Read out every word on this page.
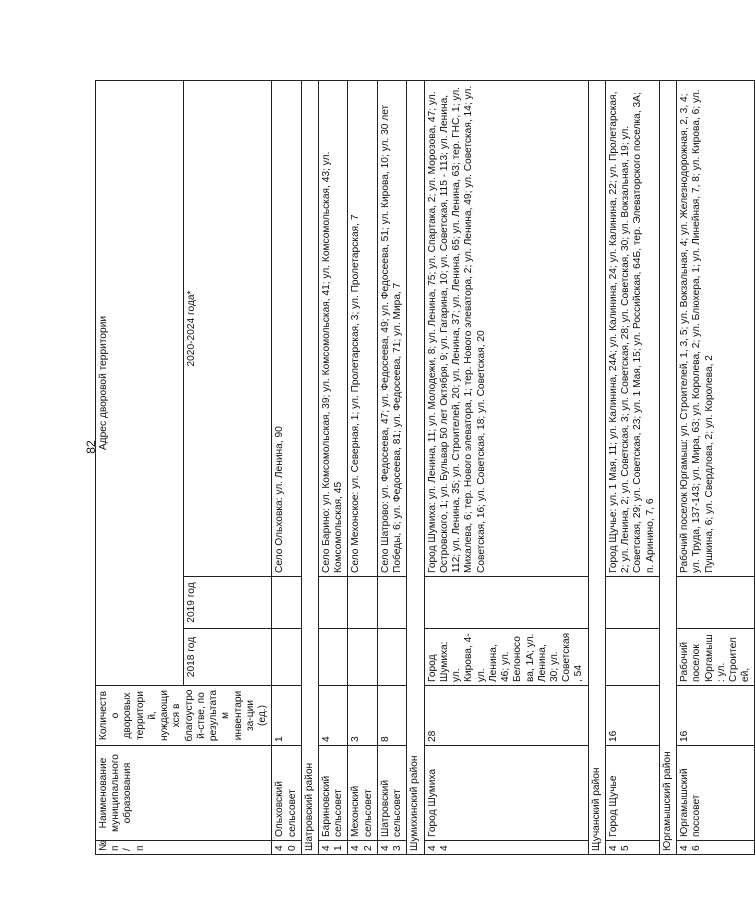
82
№ п/п	Наименование муниципального образования	Количество дворовых территорий, нуждающихся в благоустрой-стве, по результатам инвентариза-ции (ед.)	Адрес дворовой территории		
			2018 год	2019 год	2020-2024 года*
40	Ольховский сельсовет	1			Село Ольховка: ул. Ленина, 90
Шатровский район					
41	Бариновский сельсовет	4			Село Барино: ул. Комсомольская, 39; ул. Комсомольская, 41; ул. Комсомольская, 43; ул. Комсомольская, 45
42	Мехонский сельсовет	3			Село Мехонское: ул. Северная, 1; ул. Пролетарская, 3; ул. Пролетарская, 7
43	Шатровский сельсовет	8			Село Шатрово: ул. Федосеева, 47; ул. Федосеева, 49; ул. Федосеева, 51; ул. Кирова, 10; ул. 30 лет Победы, 6; ул. Федосеева, 81; ул. Федосеева, 71; ул. Мира, 7
Шумихинский район					
44	Город Шумиха	28	Город Шумиха: ул. Кирова, 4-ул. Ленина, 46; ул. Белоносова, 1А; ул. Ленина, 30; ул. Советская, 54		Город Шумиха: ул. Ленина, 11; ул. Молодежи, 8; ул. Ленина, 75; ул. Спартака, 2; ул. Морозова, 47; ул. Островского, 1; ул. Бульвар 50 лет Октября, 9; ул. Гагарина, 10; ул. Советская, 115 - 113; ул. Ленина, 112; ул. Ленина, 35; ул. Строителей, 20; ул. Ленина, 37; ул. Ленина, 65; ул. Ленина, 63; тер. ГНС, 1; ул. Михалева, 6; тер. Нового элеватора, 1; тер. Нового элеватора, 2; ул. Ленина, 49; ул. Советская, 14; ул. Советская, 16; ул. Советская, 18; ул. Советская, 20
Щучанский район					
45	Город Щучье	16			Город Щучье: ул. 1 Мая, 11; ул. Калинина, 24А; ул. Калинина, 24; ул. Калинина, 22; ул. Пролетарская, 2; ул. Ленина, 2; ул. Советская, 3; ул. Советская, 28; ул. Советская, 30; ул. Вокзальная, 19; ул. Советская, 29; ул. Советская, 23; ул. 1 Мая, 15; ул. Российская, 64Б, тер. Элеваторского поселка, 3А; п. Аринино, 7, 6
Юргамышский район					
46	Юргамышский поссовет	16	Рабочий поселок Юргамыш: ул. Строителей,		Рабочий поселок Юргамыш: ул. Строителей, 1, 3, 5; ул. Вокзальная, 4; ул. Железнодорожная, 2, 3, 4; ул. Труда, 137-143; ул. Мира, 63; ул. Королева, 2; ул. Блюхера, 1; ул. Линейная, 7, 8; ул. Кирова, 6; ул. Пушкина, 6; ул. Свердлова, 2; ул. Королева, 2
